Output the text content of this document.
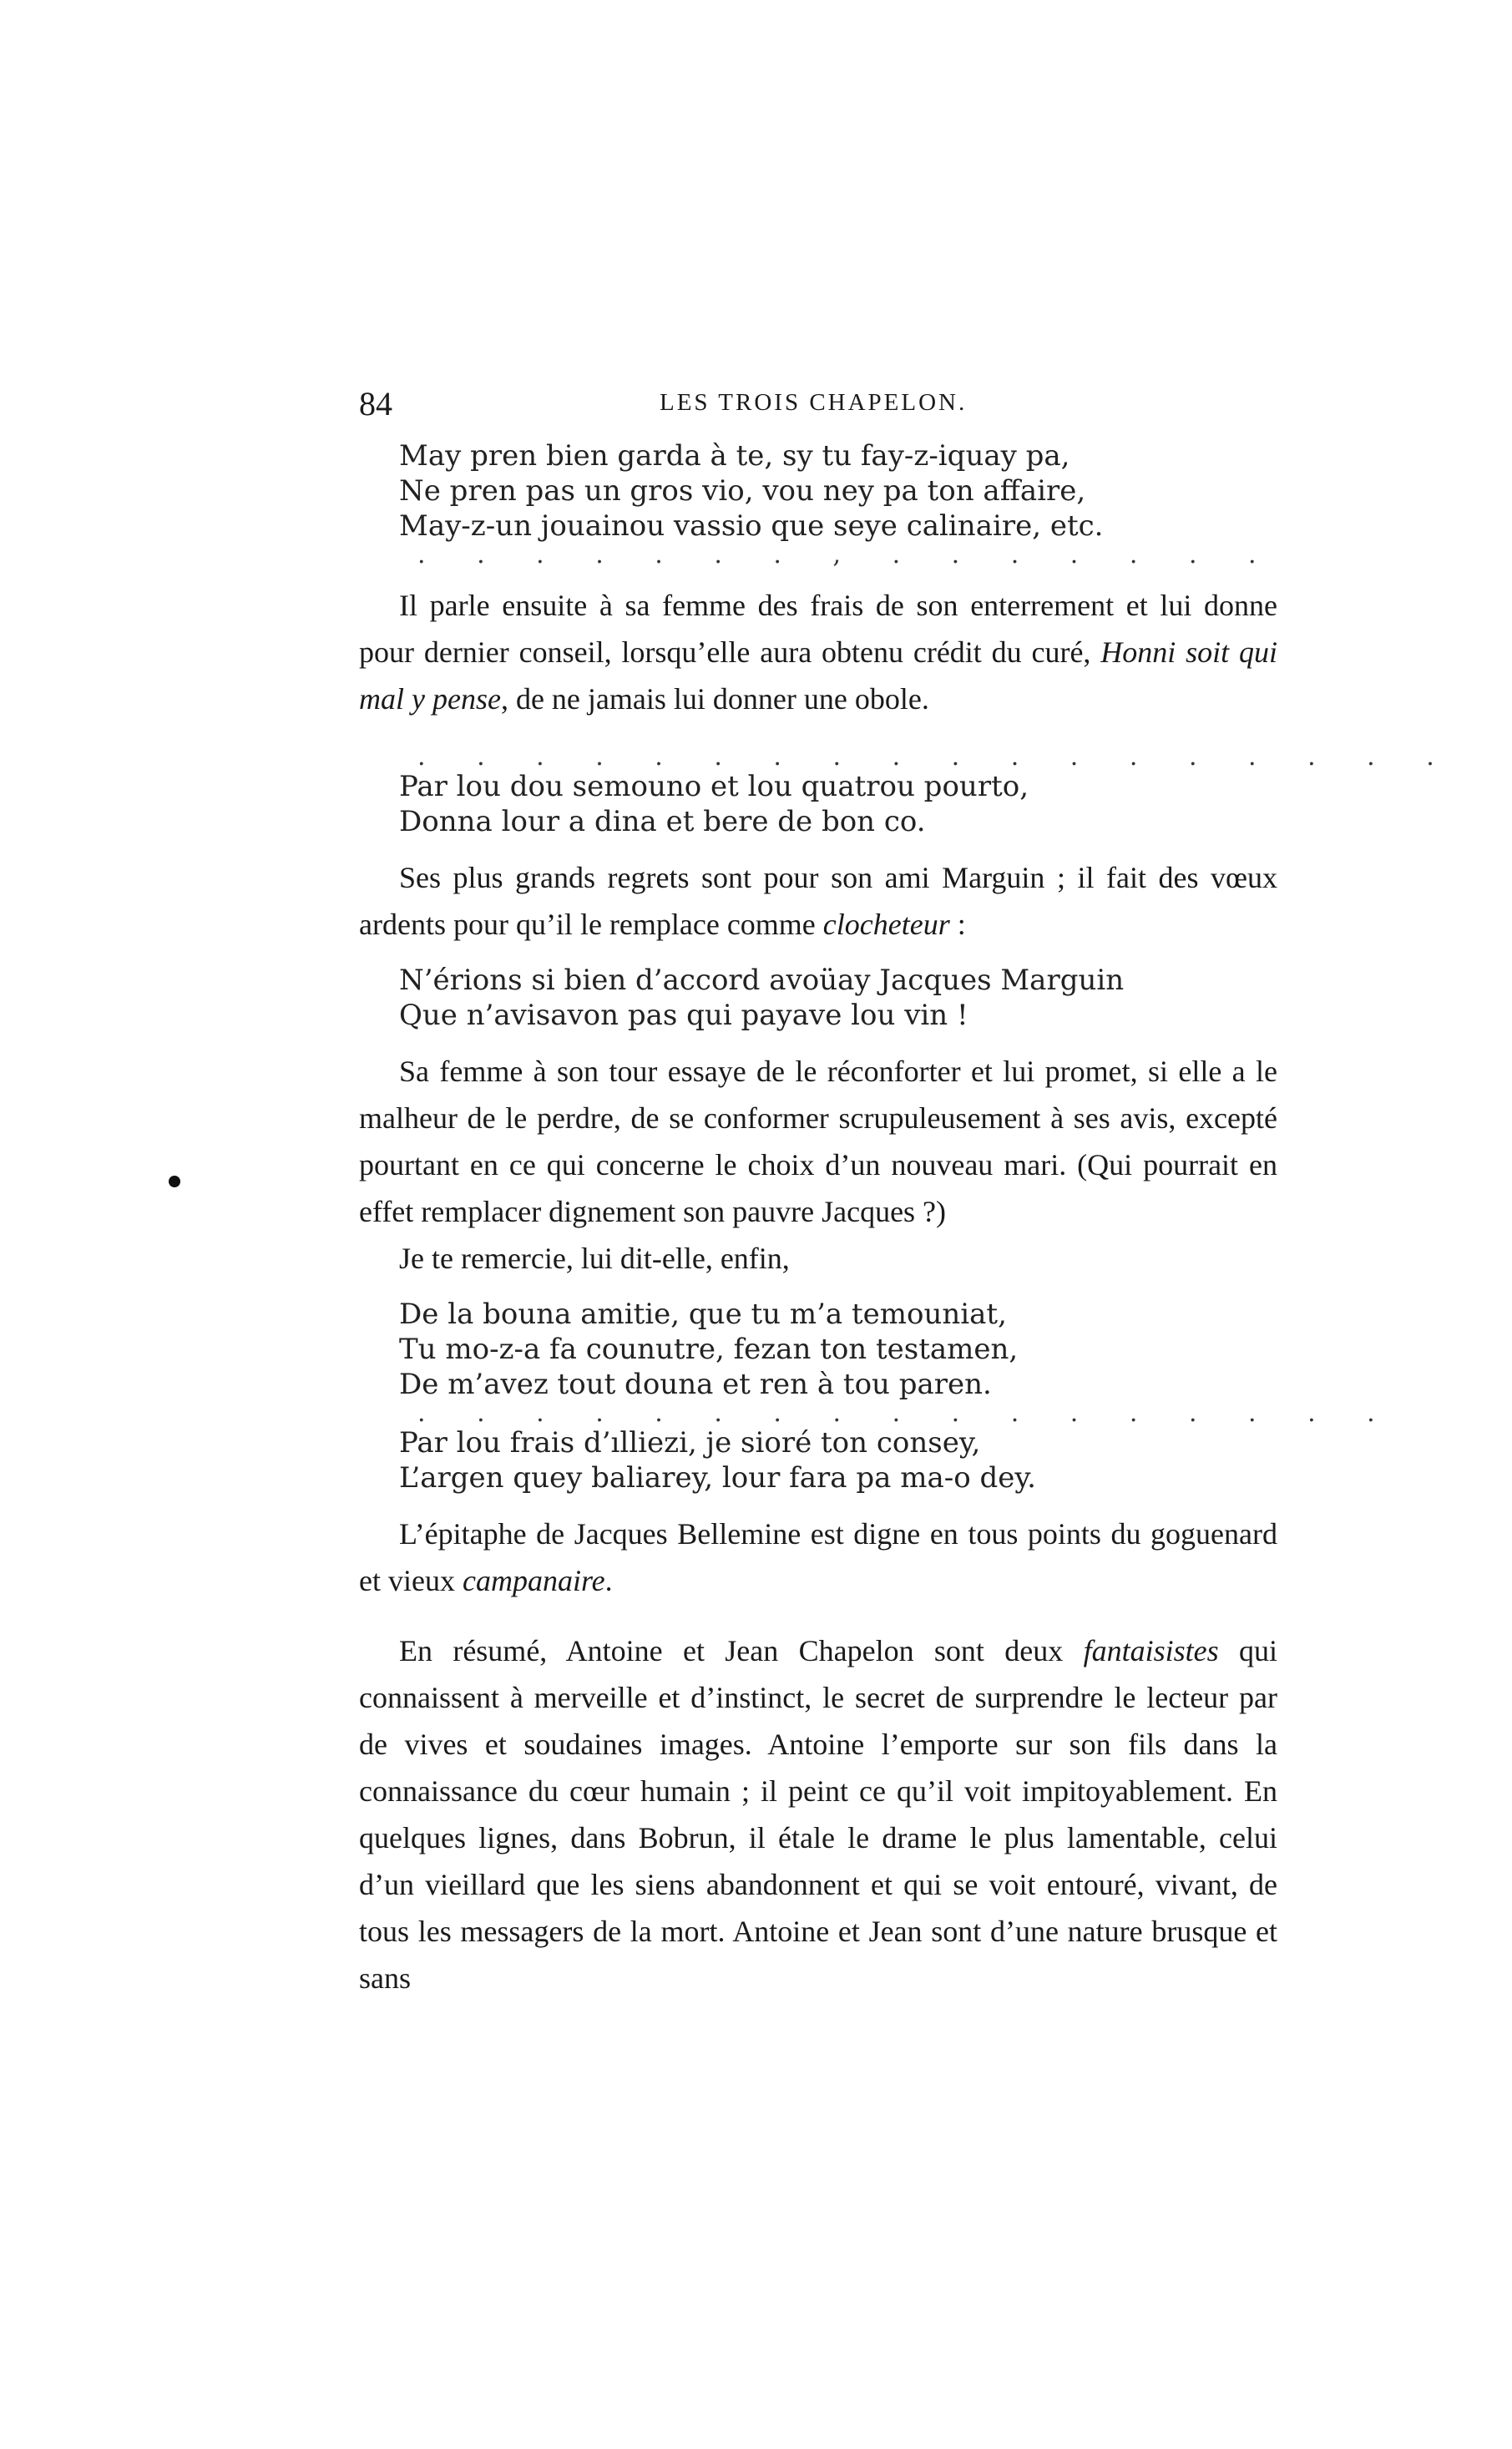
84	LES TROIS CHAPELON.
May pren bien garda à te, sy tu fay-z-iquay pa,
Ne pren pas un gros vio, vou ney pa ton affaire,
May-z-un jouainou vassio que seye calinaire, etc.
. . . . . . . , . . . . . . .

Il parle ensuite à sa femme des frais de son enterrement et lui donne pour dernier conseil, lorsqu’elle aura obtenu crédit du curé, Honni soit qui mal y pense, de ne jamais lui donner une obole.

. . . . . . . . . . . . . . . . . .
Par lou dou semouno et lou quatrou pourto,
Donna lour a dina et bere de bon co.

Ses plus grands regrets sont pour son ami Marguin ; il fait des vœux ardents pour qu’il le remplace comme clocheteur :

N’érions si bien d’accord avoüay Jacques Marguin
Que n’avisavon pas qui payave lou vin !

Sa femme à son tour essaye de le réconforter et lui promet, si elle a le malheur de le perdre, de se conformer scrupuleusement à ses avis, excepté pourtant en ce qui concerne le choix d’un nouveau mari. (Qui pourrait en effet remplacer dignement son pauvre Jacques ?)

Je te remercie, lui dit-elle, enfin,

De la bouna amitie, que tu m’a temouniat,
Tu mo-z-a fa counutre, fezan ton testamen,
De m’avez tout douna et ren à tou paren.
. . . . . . . . . . . . . . . . .
Par lou frais d’ılliezi, je sioré ton consey,
L’argen quey baliarey, lour fara pa ma-o dey.

L’épitaphe de Jacques Bellemine est digne en tous points du goguenard et vieux campanaire.

En résumé, Antoine et Jean Chapelon sont deux fantaisistes qui connaissent à merveille et d’instinct, le secret de surprendre le lecteur par de vives et soudaines images. Antoine l’emporte sur son fils dans la connaissance du cœur humain ; il peint ce qu’il voit impitoyablement. En quelques lignes, dans Bobrun, il étale le drame le plus lamentable, celui d’un vieillard que les siens abandonnent et qui se voit entouré, vivant, de tous les messagers de la mort. Antoine et Jean sont d’une nature brusque et sans
